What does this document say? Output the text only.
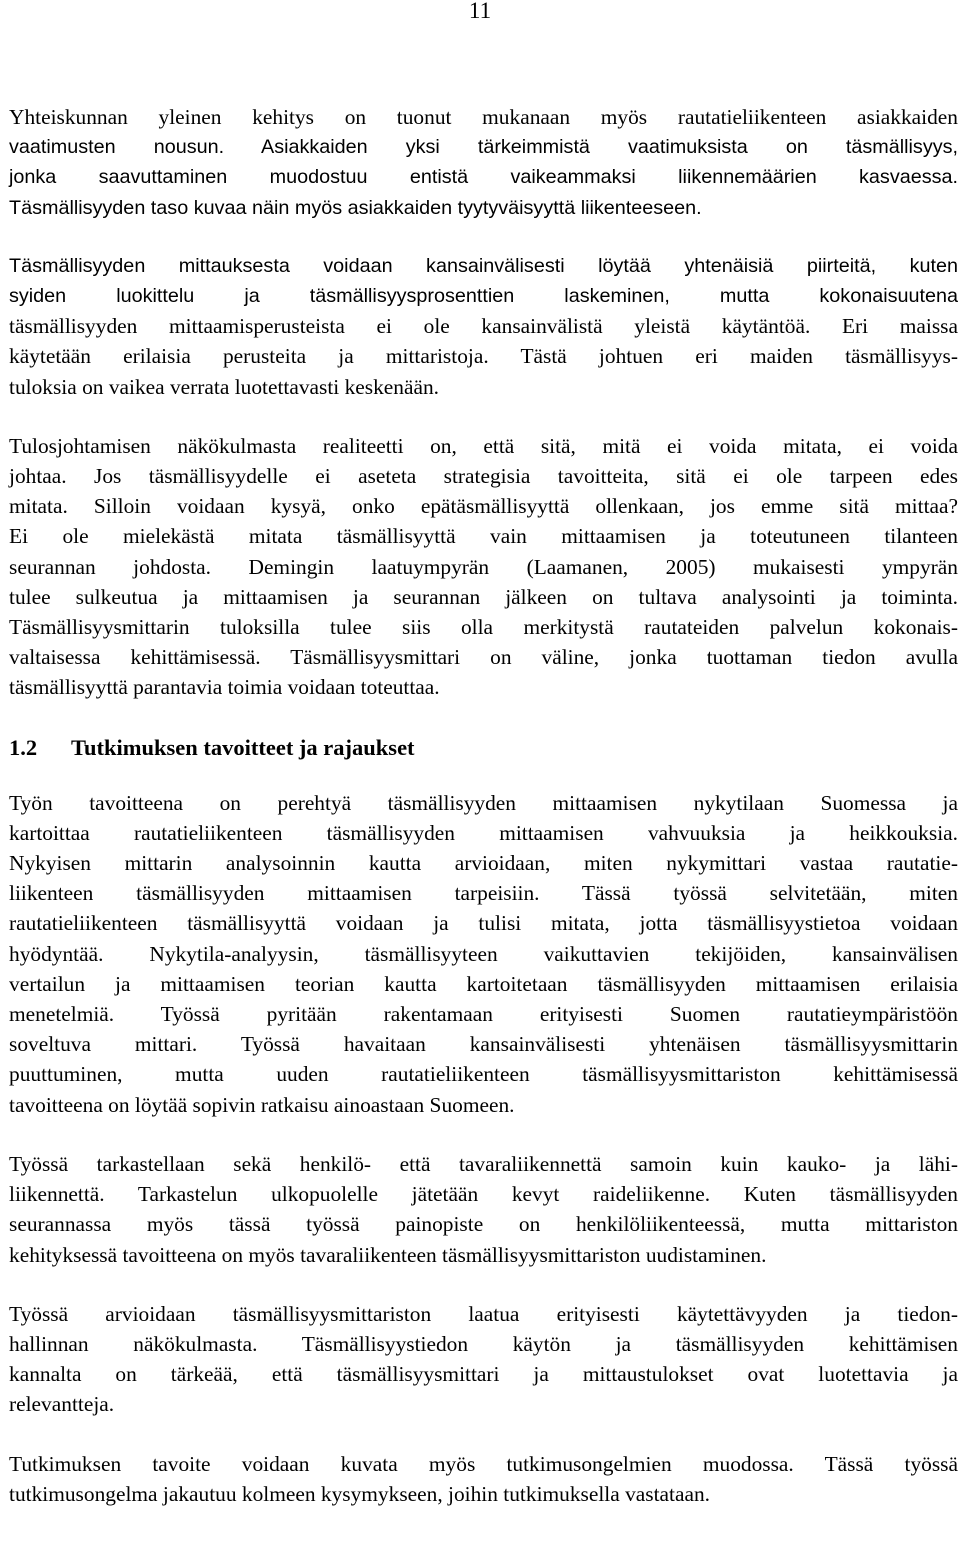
11

Yhteiskunnan yleinen kehitys on tuonut mukanaan myös rautatieliikenteen asiakkaiden
vaatimusten nousun. Asiakkaiden yksi tärkeimmistä vaatimuksista on täsmällisyys,
jonka saavuttaminen muodostuu entistä vaikeammaksi liikennemäärien kasvaessa.
Täsmällisyyden taso kuvaa näin myös asiakkaiden tyytyväisyyttä liikenteeseen.

Täsmällisyyden mittauksesta voidaan kansainvälisesti löytää yhtenäisiä piirteitä, kuten
syiden luokittelu ja täsmällisyysprosenttien laskeminen, mutta kokonaisuutena
täsmällisyyden mittaamisperusteista ei ole kansainvälistä yleistä käytäntöä. Eri maissa
käytetään erilaisia perusteita ja mittaristoja. Tästä johtuen eri maiden täsmällisyys-
tuloksia on vaikea verrata luotettavasti keskenään.

Tulosjohtamisen näkökulmasta realiteetti on, että sitä, mitä ei voida mitata, ei voida
johtaa. Jos täsmällisyydelle ei aseteta strategisia tavoitteita, sitä ei ole tarpeen edes
mitata. Silloin voidaan kysyä, onko epätäsmällisyyttä ollenkaan, jos emme sitä mittaa?
Ei ole mielekästä mitata täsmällisyyttä vain mittaamisen ja toteutuneen tilanteen
seurannan johdosta. Demingin laatuympyrän (Laamanen, 2005) mukaisesti ympyrän
tulee sulkeutua ja mittaamisen ja seurannan jälkeen on tultava analysointi ja toiminta.
Täsmällisyysmittarin tuloksilla tulee siis olla merkitystä rautateiden palvelun kokonais-
valtaisessa kehittämisessä. Täsmällisyysmittari on väline, jonka tuottaman tiedon avulla
täsmällisyyttä parantavia toimia voidaan toteuttaa.

1.2 Tutkimuksen tavoitteet ja rajaukset

Työn tavoitteena on perehtyä täsmällisyyden mittaamisen nykytilaan Suomessa ja
kartoittaa rautatieliikenteen täsmällisyyden mittaamisen vahvuuksia ja heikkouksia.
Nykyisen mittarin analysoinnin kautta arvioidaan, miten nykymittari vastaa rautatie-
liikenteen täsmällisyyden mittaamisen tarpeisiin. Tässä työssä selvitetään, miten
rautatieliikenteen täsmällisyyttä voidaan ja tulisi mitata, jotta täsmällisyystietoa voidaan
hyödyntää. Nykytila-analyysin, täsmällisyyteen vaikuttavien tekijöiden, kansainvälisen
vertailun ja mittaamisen teorian kautta kartoitetaan täsmällisyyden mittaamisen erilaisia
menetelmiä. Työssä pyritään rakentamaan erityisesti Suomen rautatieympäristöön
soveltuva mittari. Työssä havaitaan kansainvälisesti yhtenäisen täsmällisyysmittarin
puuttuminen, mutta uuden rautatieliikenteen täsmällisyysmittariston kehittämisessä
tavoitteena on löytää sopivin ratkaisu ainoastaan Suomeen.

Työssä tarkastellaan sekä henkilö- että tavaraliikennettä samoin kuin kauko- ja lähi-
liikennettä. Tarkastelun ulkopuolelle jätetään kevyt raideliikenne. Kuten täsmällisyyden
seurannassa myös tässä työssä painopiste on henkilöliikenteessä, mutta mittariston
kehityksessä tavoitteena on myös tavaraliikenteen täsmällisyysmittariston uudistaminen.

Työssä arvioidaan täsmällisyysmittariston laatua erityisesti käytettävyyden ja tiedon-
hallinnan näkökulmasta. Täsmällisyystiedon käytön ja täsmällisyyden kehittämisen
kannalta on tärkeää, että täsmällisyysmittari ja mittaustulokset ovat luotettavia ja
relevantteja.

Tutkimuksen tavoite voidaan kuvata myös tutkimusongelmien muodossa. Tässä työssä
tutkimusongelma jakautuu kolmeen kysymykseen, joihin tutkimuksella vastataan.
